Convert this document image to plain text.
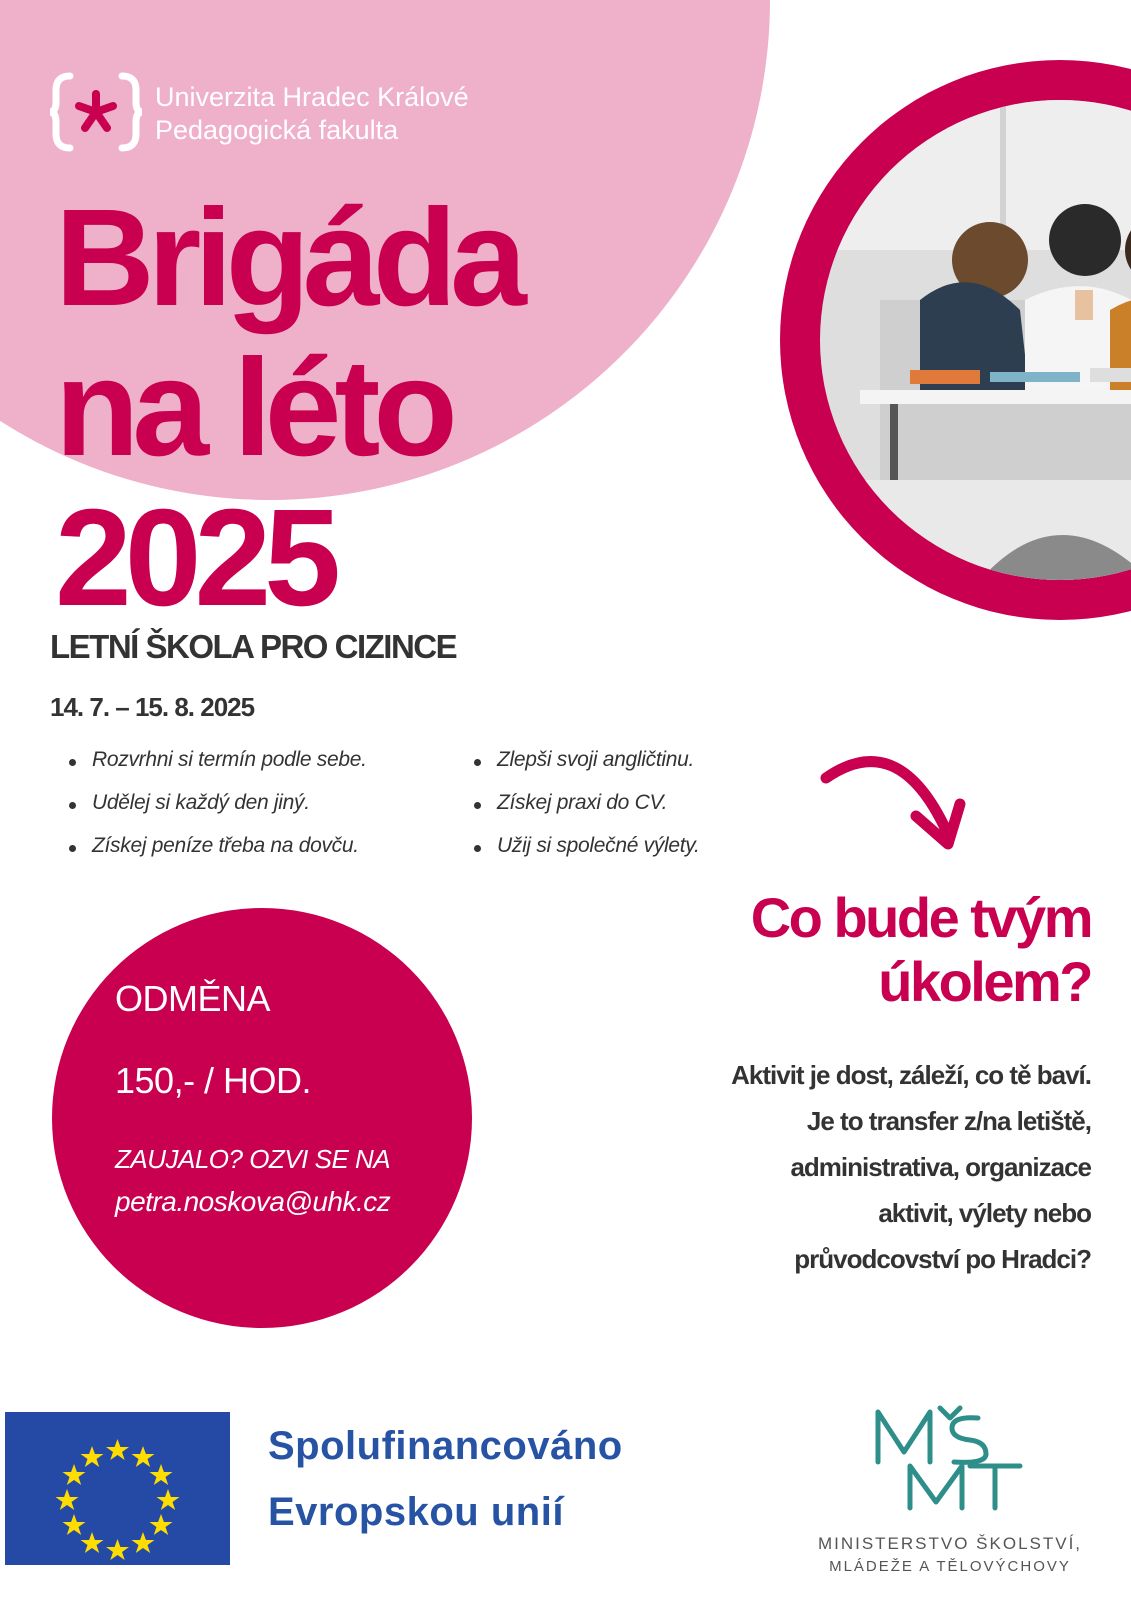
Univerzita Hradec Králové
Pedagogická fakulta
Brigáda
na léto
2025
LETNÍ ŠKOLA PRO CIZINCE
14. 7. – 15. 8. 2025
Rozvrhni si termín podle sebe.
Udělej si každý den jiný.
Získej peníze třeba na dovču.
Zlepši svoji angličtinu.
Získej praxi do CV.
Užij si společné výlety.
Co bude tvým
úkolem?
Aktivit je dost, záleží, co tě baví.
Je to transfer z/na letiště,
administrativa, organizace
aktivit, výlety nebo
průvodcovství po Hradci?
ODMĚNA
150,- / HOD.
ZAUJALO? OZVI SE NA
petra.noskova@uhk.cz
Spolufinancováno
Evropskou unií
MINISTERSTVO ŠKOLSTVÍ,
MLÁDEŽE A TĚLOVÝCHOVY
